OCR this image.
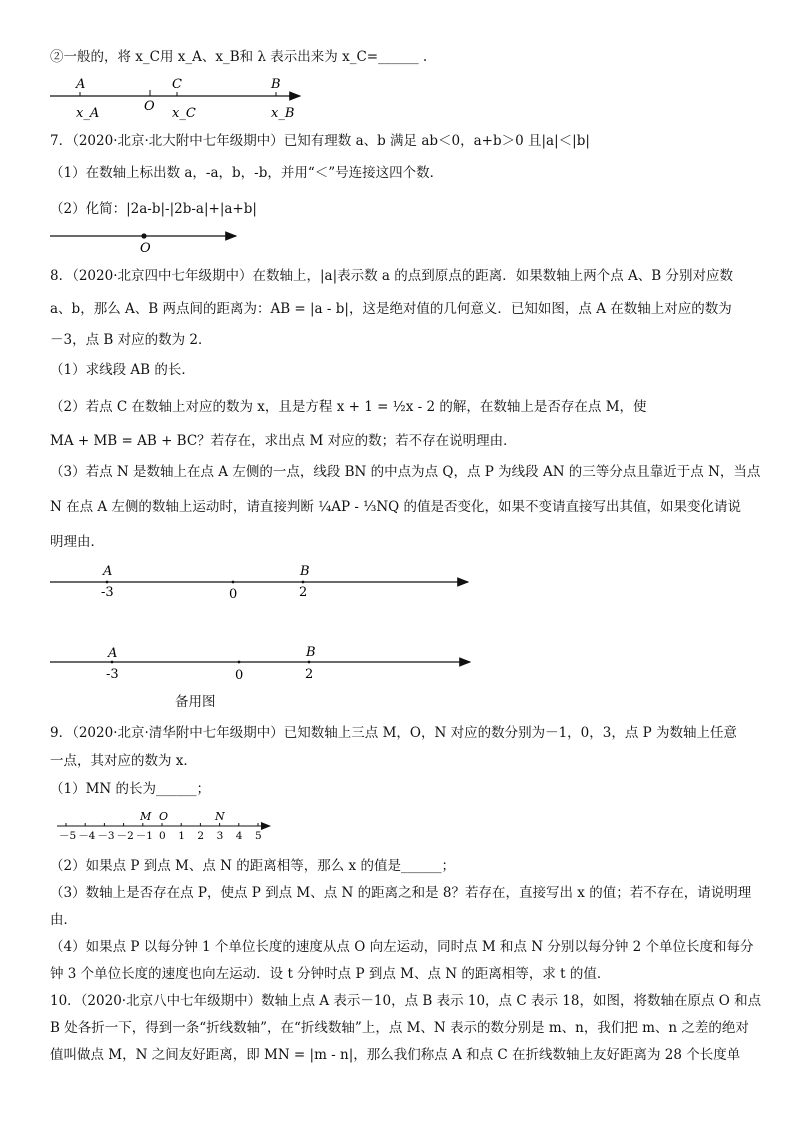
②一般的，将 x_C用 x_A、x_B和 λ 表示出来为 x_C=______ .
7．（2020·北京·北大附中七年级期中）已知有理数 a、b 满足 ab＜0，a+b＞0 且|a|＜|b|
（1）在数轴上标出数 a，-a，b，-b，并用“＜”号连接这四个数．
（2）化简：|2a-b|-|2b-a|+|a+b|
8．（2020·北京四中七年级期中）在数轴上，|a|表示数 a 的点到原点的距离．如果数轴上两个点 A、B 分别对应数
a、b，那么 A、B 两点间的距离为：AB = |a - b|，这是绝对值的几何意义．已知如图，点 A 在数轴上对应的数为
－3，点 B 对应的数为 2．
（1）求线段 AB 的长．
（2）若点 C 在数轴上对应的数为 x，且是方程 x + 1 = ½x - 2 的解，在数轴上是否存在点 M，使
MA + MB = AB + BC？若存在，求出点 M 对应的数；若不存在说明理由．
（3）若点 N 是数轴上在点 A 左侧的一点，线段 BN 的中点为点 Q，点 P 为线段 AN 的三等分点且靠近于点 N，当点
N 在点 A 左侧的数轴上运动时，请直接判断 ¼AP - ⅓NQ 的值是否变化，如果不变请直接写出其值，如果变化请说
明理由．
备用图
9．（2020·北京·清华附中七年级期中）已知数轴上三点 M，O，N 对应的数分别为－1，0，3，点 P 为数轴上任意
一点，其对应的数为 x．
（1）MN 的长为______；
（2）如果点 P 到点 M、点 N 的距离相等，那么 x 的值是______；
（3）数轴上是否存在点 P，使点 P 到点 M、点 N 的距离之和是 8？若存在，直接写出 x 的值；若不存在，请说明理
由．
（4）如果点 P 以每分钟 1 个单位长度的速度从点 O 向左运动，同时点 M 和点 N 分别以每分钟 2 个单位长度和每分
钟 3 个单位长度的速度也向左运动．设 t 分钟时点 P 到点 M、点 N 的距离相等，求 t 的值．
10．（2020·北京八中七年级期中）数轴上点 A 表示－10，点 B 表示 10，点 C 表示 18，如图，将数轴在原点 O 和点
B 处各折一下，得到一条“折线数轴”，在“折线数轴”上，点 M、N 表示的数分别是 m、n，我们把 m、n 之差的绝对
值叫做点 M，N 之间友好距离，即 MN = |m - n|，那么我们称点 A 和点 C 在折线数轴上友好距离为 28 个长度单
A	C	B
x_A	O x_C	x_B
O
A	B
-3	0	2
A	B
-3	0	2
－5 －4 －3 －2 －1 0 1 2 3 4 5
M O	N
